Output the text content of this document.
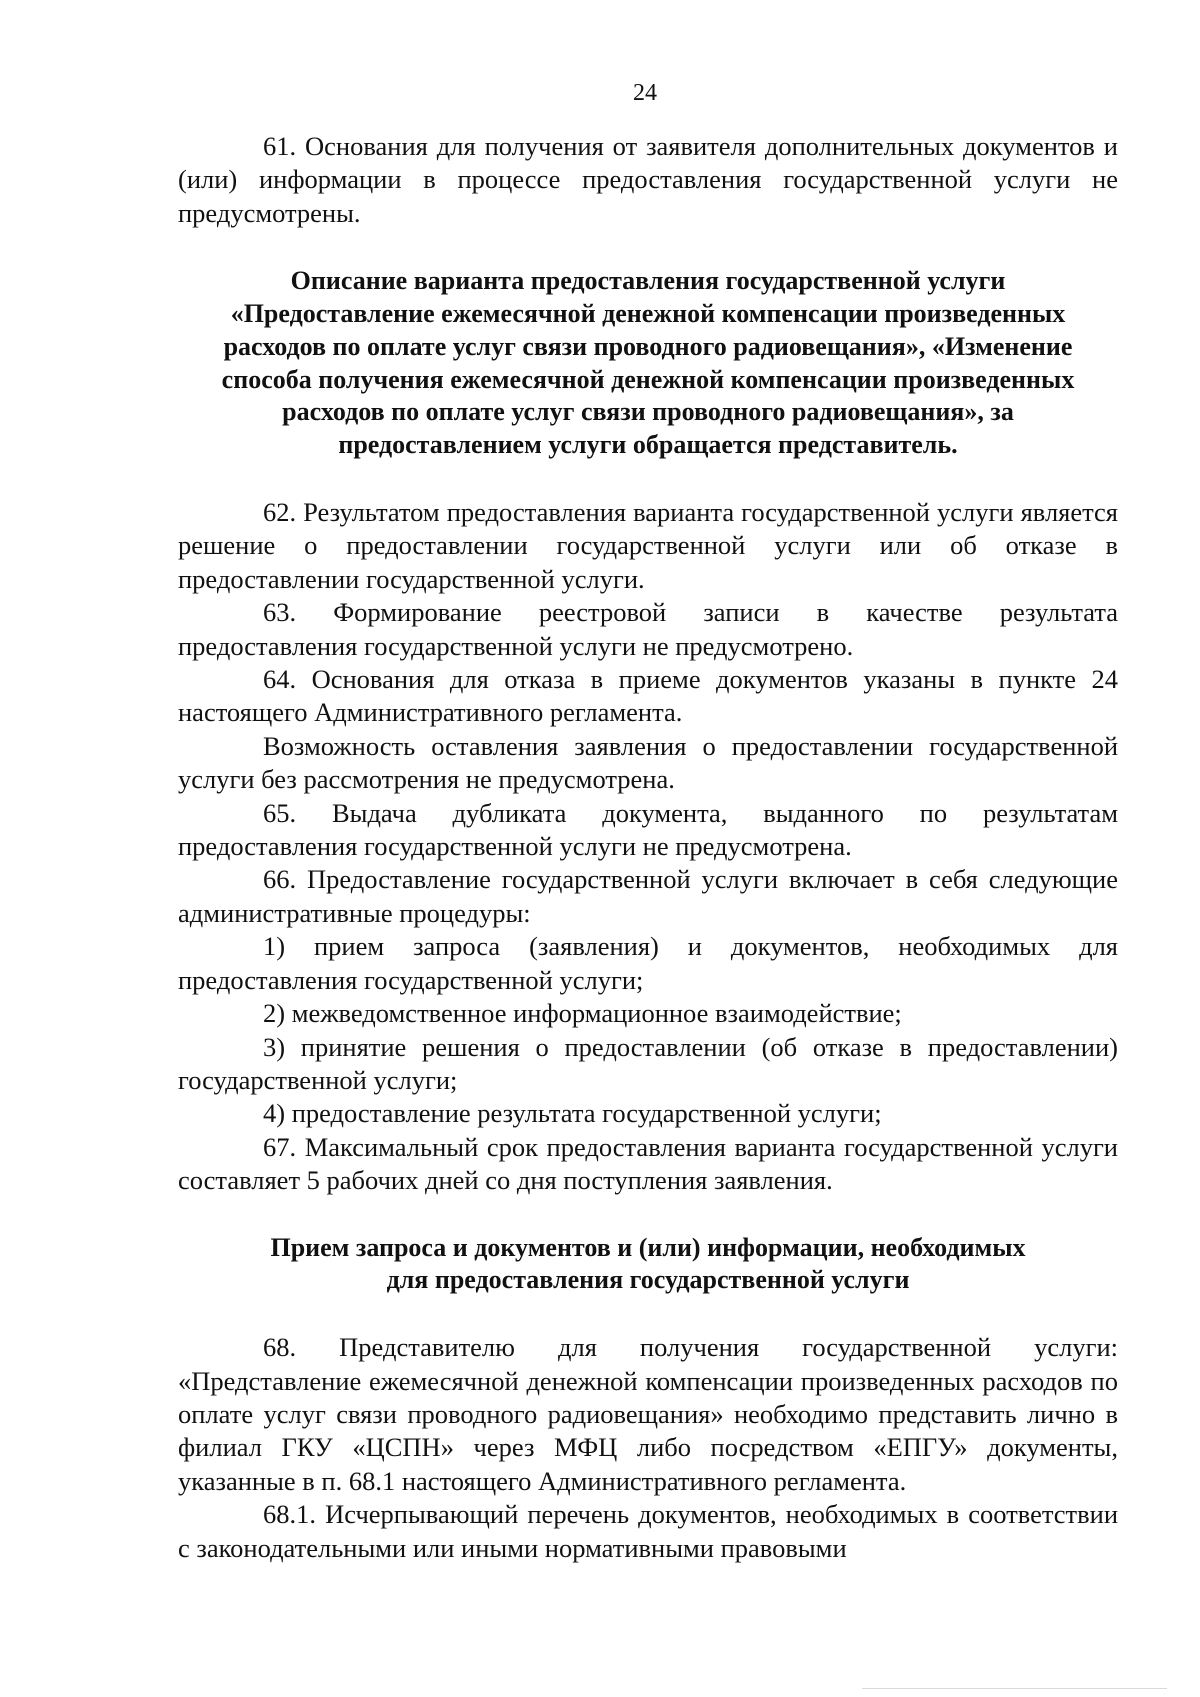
24

61. Основания для получения от заявителя дополнительных документов и (или) информации в процессе предоставления государственной услуги не предусмотрены.

Описание варианта предоставления государственной услуги
«Предоставление ежемесячной денежной компенсации произведенных
расходов по оплате услуг связи проводного радиовещания», «Изменение
способа получения ежемесячной денежной компенсации произведенных
расходов по оплате услуг связи проводного радиовещания», за
предоставлением услуги обращается представитель.

62. Результатом предоставления варианта государственной услуги является решение о предоставлении государственной услуги или об отказе в предоставлении государственной услуги.

63. Формирование реестровой записи в качестве результата предоставления государственной услуги не предусмотрено.

64. Основания для отказа в приеме документов указаны в пункте 24 настоящего Административного регламента.

Возможность оставления заявления о предоставлении государственной услуги без рассмотрения не предусмотрена.

65. Выдача дубликата документа, выданного по результатам предоставления государственной услуги не предусмотрена.

66. Предоставление государственной услуги включает в себя следующие административные процедуры:

1) прием запроса (заявления) и документов, необходимых для предоставления государственной услуги;

2) межведомственное информационное взаимодействие;

3) принятие решения о предоставлении (об отказе в предоставлении) государственной услуги;

4) предоставление результата государственной услуги;

67. Максимальный срок предоставления варианта государственной услуги составляет 5 рабочих дней со дня поступления заявления.

Прием запроса и документов и (или) информации, необходимых
для предоставления государственной услуги

68. Представителю для получения государственной услуги: «Представление ежемесячной денежной компенсации произведенных расходов по оплате услуг связи проводного радиовещания» необходимо представить лично в филиал ГКУ «ЦСПН» через МФЦ либо посредством «ЕПГУ» документы, указанные в п. 68.1 настоящего Административного регламента.

68.1. Исчерпывающий перечень документов, необходимых в соответствии с законодательными или иными нормативными правовыми
